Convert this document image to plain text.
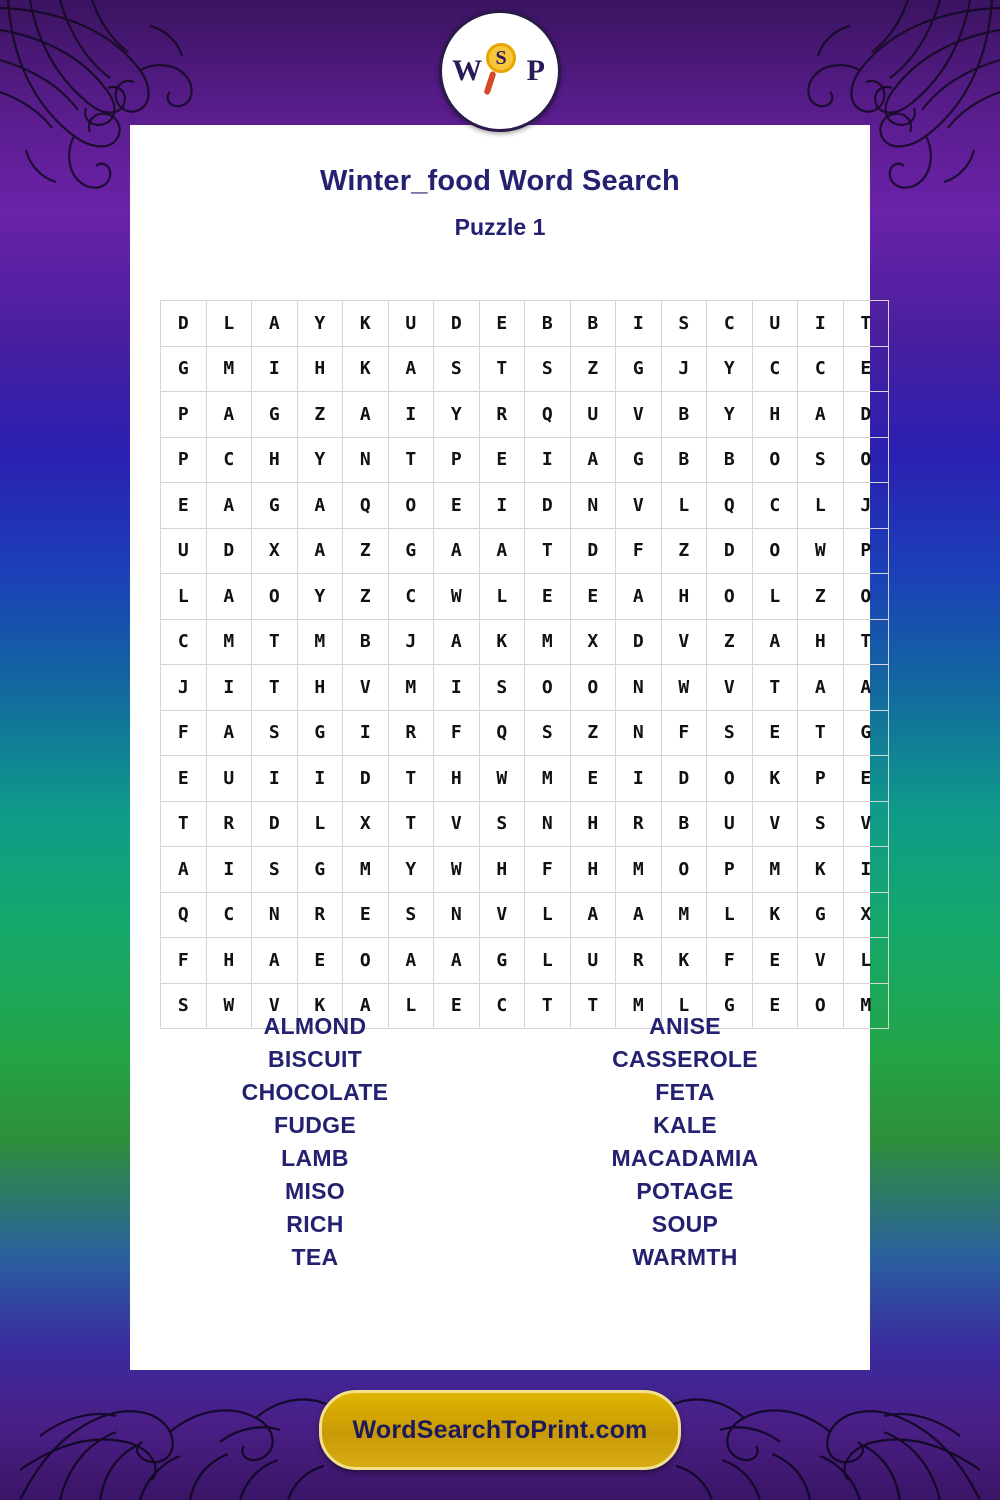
W P
S
Winter_food Word Search
Puzzle 1
D	L	A	Y	K	U	D	E	B	B	I	S	C	U	I	T
G	M	I	H	K	A	S	T	S	Z	G	J	Y	C	C	E
P	A	G	Z	A	I	Y	R	Q	U	V	B	Y	H	A	D
P	C	H	Y	N	T	P	E	I	A	G	B	B	O	S	O
E	A	G	A	Q	O	E	I	D	N	V	L	Q	C	L	J
U	D	X	A	Z	G	A	A	T	D	F	Z	D	O	W	P
L	A	O	Y	Z	C	W	L	E	E	A	H	O	L	Z	O
C	M	T	M	B	J	A	K	M	X	D	V	Z	A	H	T
J	I	T	H	V	M	I	S	O	O	N	W	V	T	A	A
F	A	S	G	I	R	F	Q	S	Z	N	F	S	E	T	G
E	U	I	I	D	T	H	W	M	E	I	D	O	K	P	E
T	R	D	L	X	T	V	S	N	H	R	B	U	V	S	V
A	I	S	G	M	Y	W	H	F	H	M	O	P	M	K	I
Q	C	N	R	E	S	N	V	L	A	A	M	L	K	G	X
F	H	A	E	O	A	A	G	L	U	R	K	F	E	V	L
S	W	V	K	A	L	E	C	T	T	M	L	G	E	O	M
ALMOND
BISCUIT
CHOCOLATE
FUDGE
LAMB
MISO
RICH
TEA
ANISE
CASSEROLE
FETA
KALE
MACADAMIA
POTAGE
SOUP
WARMTH
WordSearchToPrint.com
